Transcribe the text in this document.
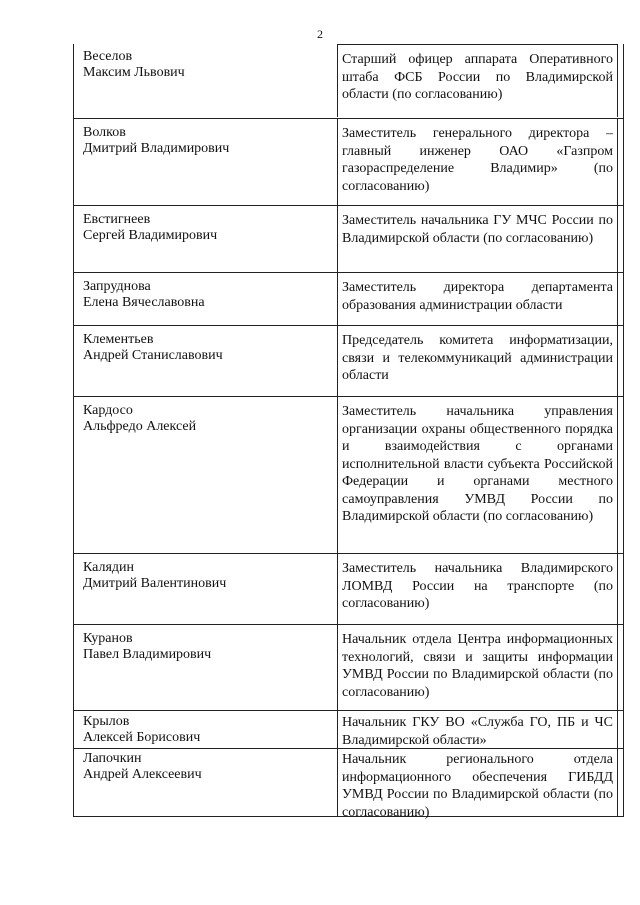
2
Веселов
Максим Львович
Старший офицер аппарата Оперативного штаба ФСБ России по Владимирской области (по согласованию)
Волков
Дмитрий Владимирович
Заместитель генерального директора – главный инженер ОАО «Газпром газораспределение Владимир» (по согласованию)
Евстигнеев
Сергей Владимирович
Заместитель начальника ГУ МЧС России по Владимирской области (по согласованию)
Запруднова
Елена Вячеславовна
Заместитель директора департамента образования администрации области
Клементьев
Андрей Станиславович
Председатель комитета информатизации, связи и телекоммуникаций администрации области
Кардосо
Альфредо Алексей
Заместитель начальника управления организации охраны общественного порядка и взаимодействия с органами исполнительной власти субъекта Российской Федерации и органами местного самоуправления УМВД России по Владимирской области (по согласованию)
Калядин
Дмитрий Валентинович
Заместитель начальника Владимирского ЛОМВД России на транспорте (по согласованию)
Куранов
Павел Владимирович
Начальник отдела Центра информационных технологий, связи и защиты информации УМВД России по Владимирской области (по согласованию)
Крылов
Алексей Борисович
Начальник ГКУ ВО «Служба ГО, ПБ и ЧС Владимирской области»
Лапочкин
Андрей Алексеевич
Начальник регионального отдела информационного обеспечения ГИБДД УМВД России по Владимирской области (по согласованию)
